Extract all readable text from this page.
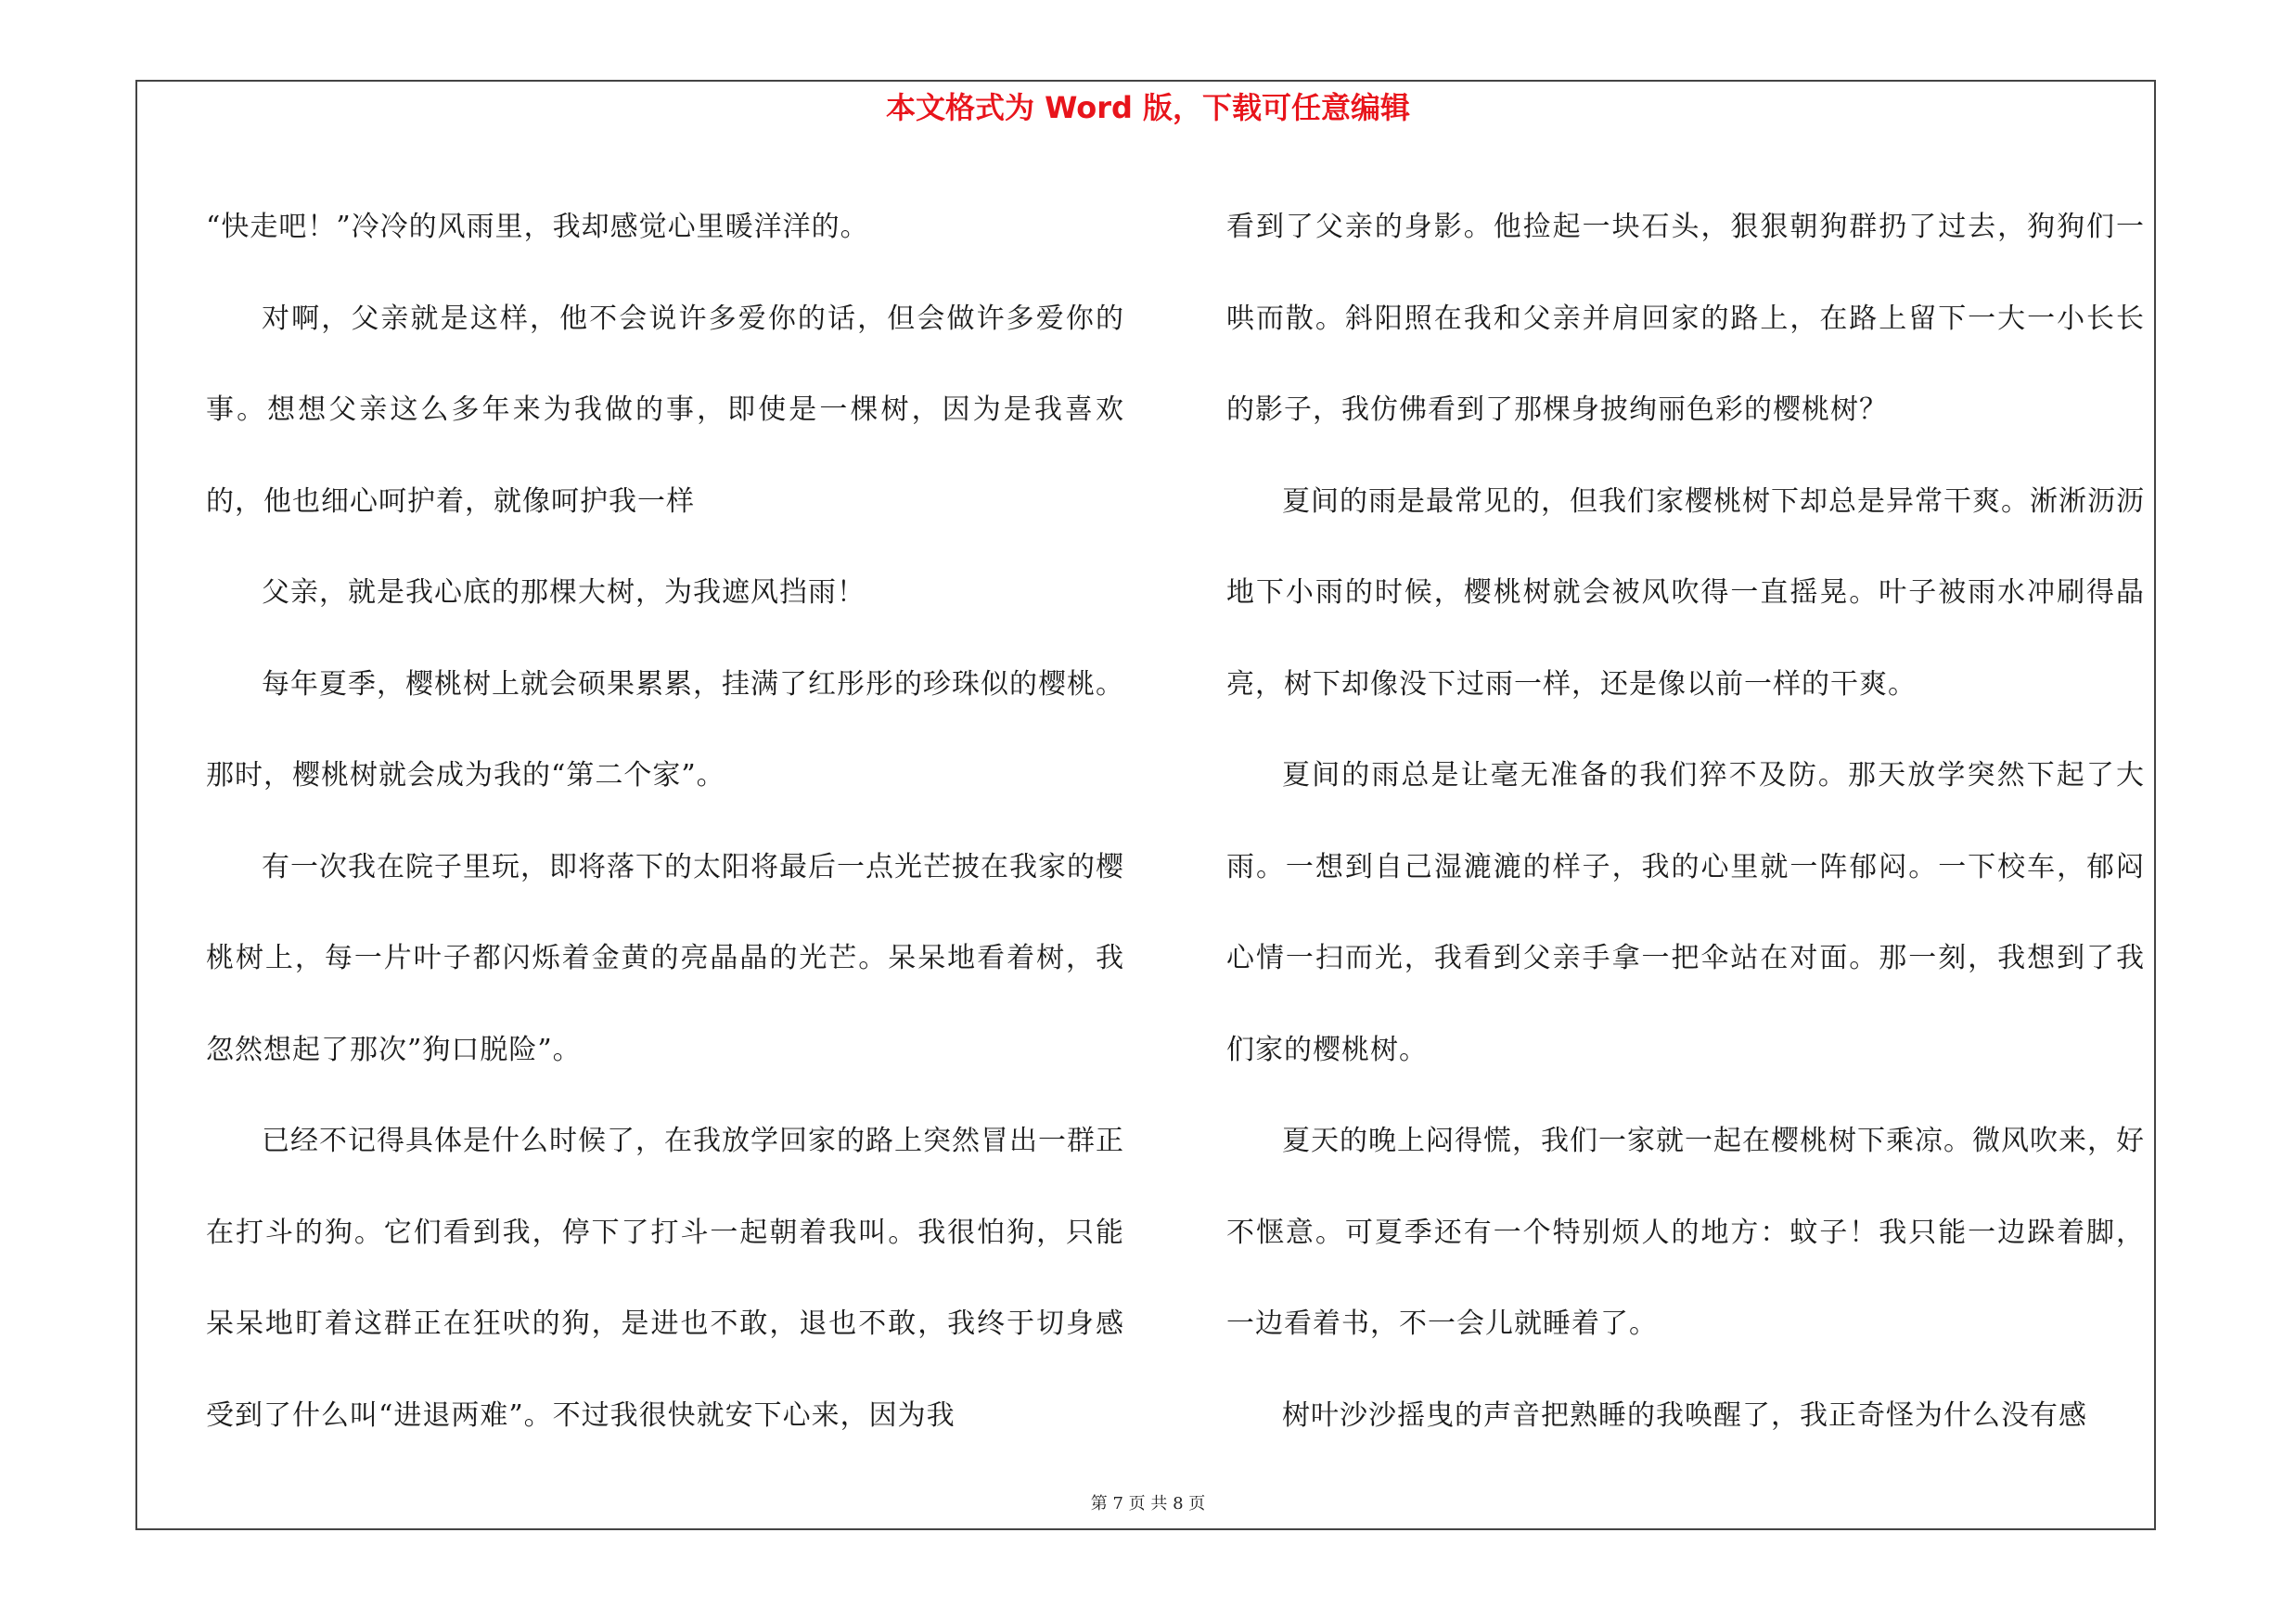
本文格式为 Word 版，下载可任意编辑

“快走吧！”冷冷的风雨里，我却感觉心里暖洋洋的。

对啊，父亲就是这样，他不会说许多爱你的话，但会做许多爱你的事。想想父亲这么多年来为我做的事，即使是一棵树，因为是我喜欢的，他也细心呵护着，就像呵护我一样

父亲，就是我心底的那棵大树，为我遮风挡雨！

每年夏季，樱桃树上就会硕果累累，挂满了红彤彤的珍珠似的樱桃。那时，樱桃树就会成为我的“第二个家”。

有一次我在院子里玩，即将落下的太阳将最后一点光芒披在我家的樱桃树上，每一片叶子都闪烁着金黄的亮晶晶的光芒。呆呆地看着树，我忽然想起了那次”狗口脱险”。

已经不记得具体是什么时候了，在我放学回家的路上突然冒出一群正在打斗的狗。它们看到我，停下了打斗一起朝着我叫。我很怕狗，只能呆呆地盯着这群正在狂吠的狗，是进也不敢，退也不敢，我终于切身感受到了什么叫“进退两难”。不过我很快就安下心来，因为我

看到了父亲的身影。他捡起一块石头，狠狠朝狗群扔了过去，狗狗们一哄而散。斜阳照在我和父亲并肩回家的路上，在路上留下一大一小长长的影子，我仿佛看到了那棵身披绚丽色彩的樱桃树？

夏间的雨是最常见的，但我们家樱桃树下却总是异常干爽。淅淅沥沥地下小雨的时候，樱桃树就会被风吹得一直摇晃。叶子被雨水冲刷得晶亮，树下却像没下过雨一样，还是像以前一样的干爽。

夏间的雨总是让毫无准备的我们猝不及防。那天放学突然下起了大雨。一想到自己湿漉漉的样子，我的心里就一阵郁闷。一下校车，郁闷心情一扫而光，我看到父亲手拿一把伞站在对面。那一刻，我想到了我们家的樱桃树。

夏天的晚上闷得慌，我们一家就一起在樱桃树下乘凉。微风吹来，好不惬意。可夏季还有一个特别烦人的地方：蚊子！我只能一边跺着脚，一边看着书，不一会儿就睡着了。

树叶沙沙摇曳的声音把熟睡的我唤醒了，我正奇怪为什么没有感

第 7 页 共 8 页
